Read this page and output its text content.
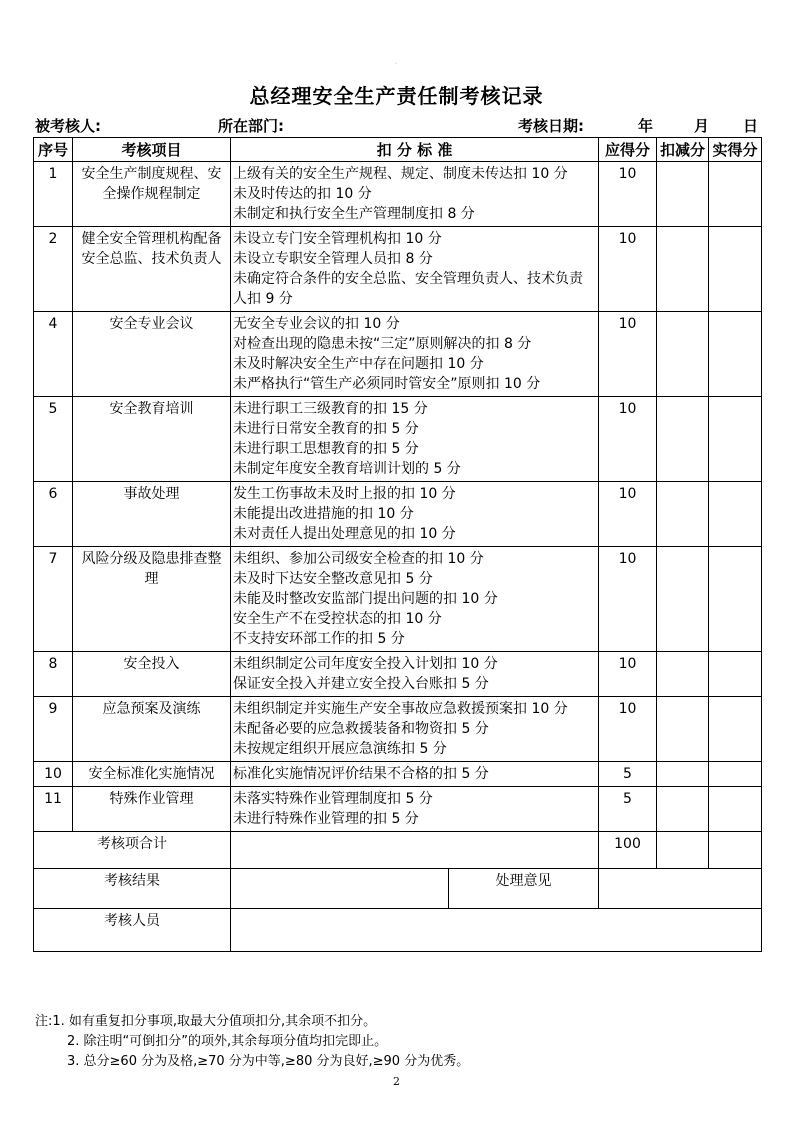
.
总经理安全生产责任制考核记录
被考核人:	所在部门:	考核日期:	年	月 日
序号	考核项目	扣 分 标 准		应得分	扣减分	实得分
1	安全生产制度规程、安全操作规程制定	上级有关的安全生产规程、规定、制度未传达扣 10 分
未及时传达的扣 10 分
未制定和执行安全生产管理制度扣 8 分		10		
2	健全安全管理机构配备安全总监、技术负责人	未设立专门安全管理机构扣 10 分
未设立专职安全管理人员扣 8 分
未确定符合条件的安全总监、安全管理负责人、技术负责人扣 9 分		10		
4	安全专业会议	无安全专业会议的扣 10 分
对检查出现的隐患未按“三定”原则解决的扣 8 分
未及时解决安全生产中存在问题扣 10 分
未严格执行“管生产必须同时管安全”原则扣 10 分		10		
5	安全教育培训	未进行职工三级教育的扣 15 分
未进行日常安全教育的扣 5 分
未进行职工思想教育的扣 5 分
未制定年度安全教育培训计划的 5 分		10		
6	事故处理	发生工伤事故未及时上报的扣 10 分
未能提出改进措施的扣 10 分
未对责任人提出处理意见的扣 10 分		10		
7	风险分级及隐患排查整理	未组织、参加公司级安全检查的扣 10 分
未及时下达安全整改意见扣 5 分
未能及时整改安监部门提出问题的扣 10 分
安全生产不在受控状态的扣 10 分
不支持安环部工作的扣 5 分		10		
8	安全投入	未组织制定公司年度安全投入计划扣 10 分
保证安全投入并建立安全投入台账扣 5 分		10		
9	应急预案及演练	未组织制定并实施生产安全事故应急救援预案扣 10 分
未配备必要的应急救援装备和物资扣 5 分
未按规定组织开展应急演练扣 5 分		10		
10	安全标准化实施情况	标准化实施情况评价结果不合格的扣 5 分		5		
11	特殊作业管理	未落实特殊作业管理制度扣 5 分
未进行特殊作业管理的扣 5 分		5		
考核项合计				100		
考核结果			处理意见			
考核人员						
注:1. 如有重复扣分事项,取最大分值项扣分,其余项不扣分。
2. 除注明“可倒扣分”的项外,其余每项分值均扣完即止。
3. 总分≥60 分为及格,≥70 分为中等,≥80 分为良好,≥90 分为优秀。
2
